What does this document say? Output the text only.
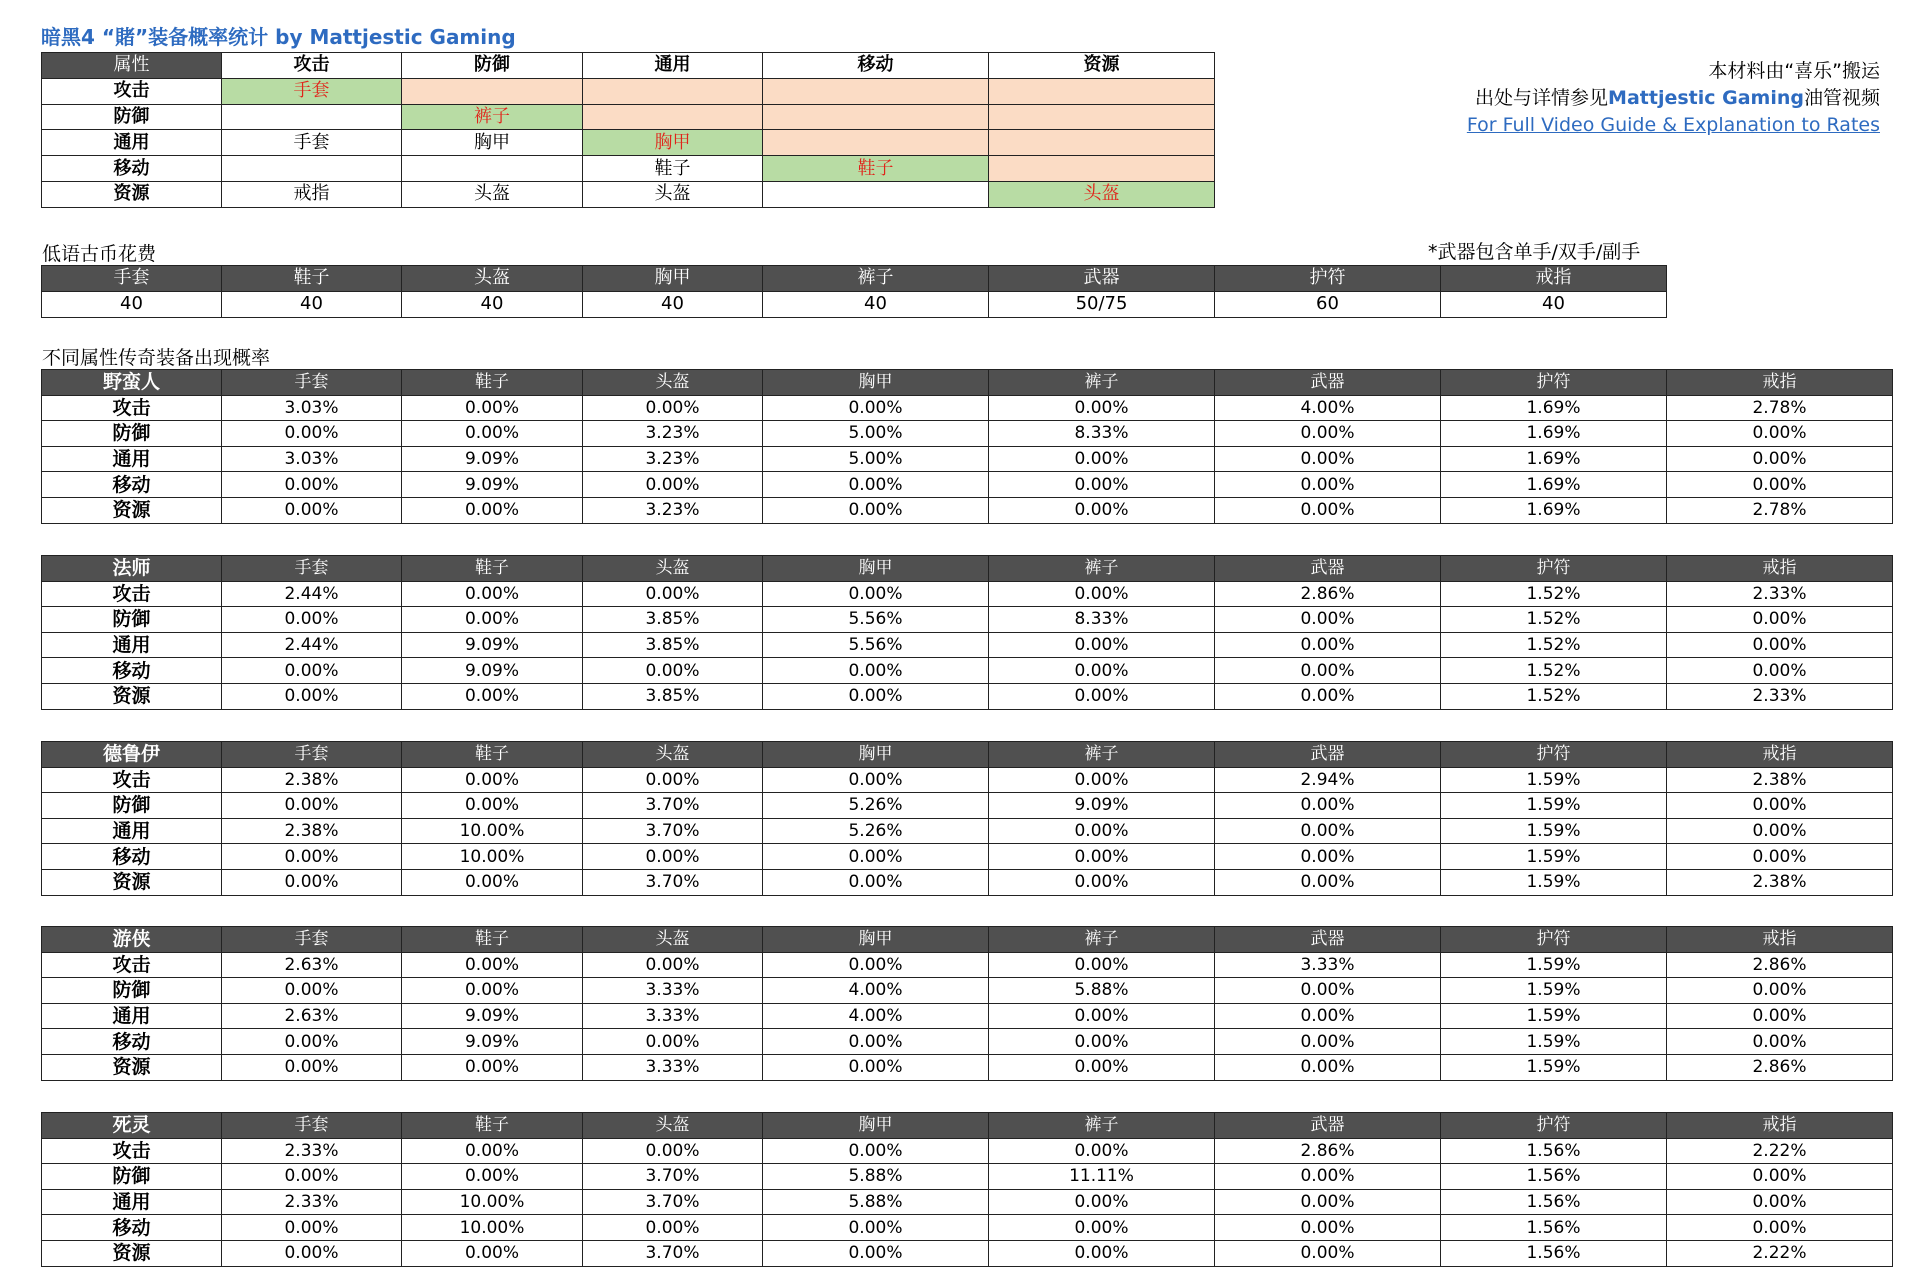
暗黑4 “賭”装备概率统计 by Mattjestic Gaming
本材料由“喜乐”搬运
出处与详情参见Mattjestic Gaming油管视频
For Full Video Guide & Explanation to Rates
属性	攻击	防御	通用	移动	资源
攻击	手套				
防御		裤子			
通用	手套	胸甲	胸甲		
移动			鞋子	鞋子	
资源	戒指	头盔	头盔		头盔
低语古币花费	*武器包含单手/双手/副手
手套	鞋子	头盔	胸甲	裤子	武器	护符	戒指
40	40	40	40	40	50/75	60	40
不同属性传奇装备出现概率
野蛮人	手套	鞋子	头盔	胸甲	裤子	武器	护符	戒指
攻击	3.03%	0.00%	0.00%	0.00%	0.00%	4.00%	1.69%	2.78%
防御	0.00%	0.00%	3.23%	5.00%	8.33%	0.00%	1.69%	0.00%
通用	3.03%	9.09%	3.23%	5.00%	0.00%	0.00%	1.69%	0.00%
移动	0.00%	9.09%	0.00%	0.00%	0.00%	0.00%	1.69%	0.00%
资源	0.00%	0.00%	3.23%	0.00%	0.00%	0.00%	1.69%	2.78%
法师	手套	鞋子	头盔	胸甲	裤子	武器	护符	戒指
攻击	2.44%	0.00%	0.00%	0.00%	0.00%	2.86%	1.52%	2.33%
防御	0.00%	0.00%	3.85%	5.56%	8.33%	0.00%	1.52%	0.00%
通用	2.44%	9.09%	3.85%	5.56%	0.00%	0.00%	1.52%	0.00%
移动	0.00%	9.09%	0.00%	0.00%	0.00%	0.00%	1.52%	0.00%
资源	0.00%	0.00%	3.85%	0.00%	0.00%	0.00%	1.52%	2.33%
德鲁伊	手套	鞋子	头盔	胸甲	裤子	武器	护符	戒指
攻击	2.38%	0.00%	0.00%	0.00%	0.00%	2.94%	1.59%	2.38%
防御	0.00%	0.00%	3.70%	5.26%	9.09%	0.00%	1.59%	0.00%
通用	2.38%	10.00%	3.70%	5.26%	0.00%	0.00%	1.59%	0.00%
移动	0.00%	10.00%	0.00%	0.00%	0.00%	0.00%	1.59%	0.00%
资源	0.00%	0.00%	3.70%	0.00%	0.00%	0.00%	1.59%	2.38%
游侠	手套	鞋子	头盔	胸甲	裤子	武器	护符	戒指
攻击	2.63%	0.00%	0.00%	0.00%	0.00%	3.33%	1.59%	2.86%
防御	0.00%	0.00%	3.33%	4.00%	5.88%	0.00%	1.59%	0.00%
通用	2.63%	9.09%	3.33%	4.00%	0.00%	0.00%	1.59%	0.00%
移动	0.00%	9.09%	0.00%	0.00%	0.00%	0.00%	1.59%	0.00%
资源	0.00%	0.00%	3.33%	0.00%	0.00%	0.00%	1.59%	2.86%
死灵	手套	鞋子	头盔	胸甲	裤子	武器	护符	戒指
攻击	2.33%	0.00%	0.00%	0.00%	0.00%	2.86%	1.56%	2.22%
防御	0.00%	0.00%	3.70%	5.88%	11.11%	0.00%	1.56%	0.00%
通用	2.33%	10.00%	3.70%	5.88%	0.00%	0.00%	1.56%	0.00%
移动	0.00%	10.00%	0.00%	0.00%	0.00%	0.00%	1.56%	0.00%
资源	0.00%	0.00%	3.70%	0.00%	0.00%	0.00%	1.56%	2.22%
